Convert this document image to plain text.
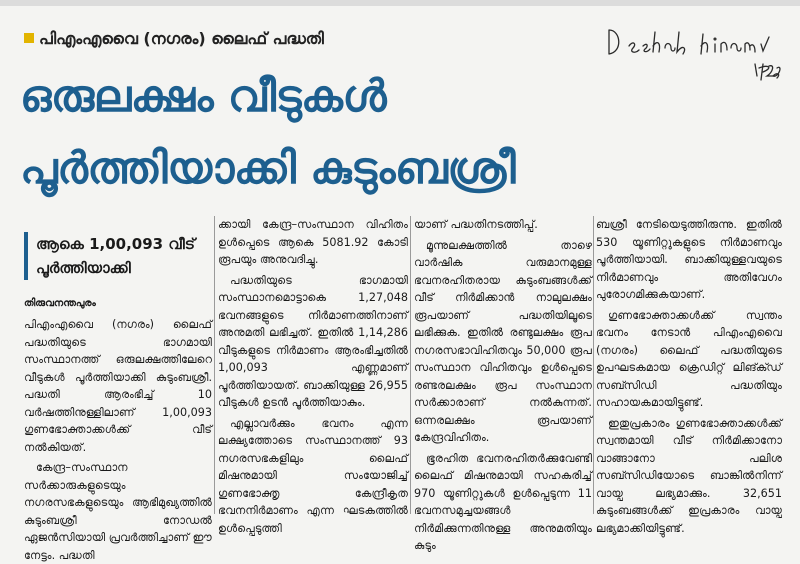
പിഎംഎവൈ (നഗരം) ലൈഫ് പദ്ധതി
ഒരുലക്ഷം വീടുകൾ
പൂർത്തിയാക്കി കുടുംബശ്രീ
ആകെ 1,00,093 വീട്
പൂർത്തിയാക്കി
തിരുവനന്തപുരം

പിഎംഎവൈ (നഗരം) ലൈഫ് പദ്ധതിയുടെ ഭാഗമായി സംസ്ഥാനത്ത് ഒരുലക്ഷത്തിലേറെ വീടുകൾ പൂർത്തിയാക്കി കുടുംബശ്രീ. പദ്ധതി ആരംഭിച്ച് 10 വർഷത്തിനുള്ളിലാണ് 1,00,093 ഗുണഭോക്താക്കൾക്ക് വീട് നൽകിയത്.

കേന്ദ്ര–സംസ്ഥാന സർക്കാരുകളുടെയും നഗരസഭകളുടെയും ആഭിമുഖ്യത്തിൽ കുടുംബശ്രീ നോഡൽ ഏജൻസിയായി പ്രവർത്തിച്ചാണ് ഈ നേട്ടം. പദ്ധതി

ക്കായി കേന്ദ്ര–സംസ്ഥാന വിഹിതം ഉൾപ്പെടെ ആകെ 5081.92 കോടി രൂപയും അനുവദിച്ചു.

പദ്ധതിയുടെ ഭാഗമായി സംസ്ഥാനമൊട്ടാകെ 1,27,048 ഭവനങ്ങളുടെ നിർമാണത്തിനാണ് അനുമതി ലഭിച്ചത്. ഇതിൽ 1,14,286 വീടുകളുടെ നിർമാണം ആരംഭിച്ചതിൽ 1,00,093 എണ്ണമാണ് പൂർത്തിയായത്. ബാക്കിയുള്ള 26,955 വീടുകൾ ഉടൻ പൂർത്തിയാകും.

എല്ലാവർക്കും ഭവനം എന്ന ലക്ഷ്യത്തോടെ സംസ്ഥാനത്ത് 93 നഗരസഭകളിലും ലൈഫ് മിഷനുമായി സംയോജിച്ച് ഗുണഭോക്തൃ കേന്ദ്രീകൃത ഭവനനിർമാണം എന്ന ഘടകത്തിൽ ഉൾപ്പെടുത്തി

യാണ് പദ്ധതിനടത്തിപ്പ്.

മൂന്നുലക്ഷത്തിൽ താഴെ വാർഷിക വരുമാനമുള്ള ഭവനരഹിതരായ കുടുംബങ്ങൾക്ക് വീട് നിർമിക്കാൻ നാലുലക്ഷം രൂപയാണ് പദ്ധതിയിലൂടെ ലഭിക്കുക. ഇതിൽ രണ്ടുലക്ഷം രൂപ നഗരസഭാവിഹിതവും 50,000 രൂപ സംസ്ഥാന വിഹിതവും ഉൾപ്പെടെ രണ്ടരലക്ഷം രൂപ സംസ്ഥാന സർക്കാരാണ് നൽകുന്നത്. ഒന്നരലക്ഷം രൂപയാണ് കേന്ദ്രവിഹിതം.

ഭൂരഹിത ഭവനരഹിതർക്കുവേണ്ടി ലൈഫ് മിഷനുമായി സഹകരിച്ച് 970 യൂണിറ്റുകൾ ഉൾപ്പെടുന്ന 11 ഭവനസമുച്ചയങ്ങൾ നിർമിക്കുന്നതിനുള്ള അനുമതിയും കുടും

ബശ്രീ നേടിയെടുത്തിരുന്നു. ഇതിൽ 530 യൂണിറ്റുകളുടെ നിർമാണവും പൂർത്തിയായി. ബാക്കിയുള്ളവയുടെ നിർമാണവും അതിവേഗം പുരോഗമിക്കുകയാണ്.

ഗുണഭോക്താക്കൾക്ക് സ്വന്തം ഭവനം നേടാൻ പിഎംഎവൈ (നഗരം) ലൈഫ് പദ്ധതിയുടെ ഉപഘടകമായ ക്രെഡിറ്റ് ലിങ്ക്ഡ് സബ്സിഡി പദ്ധതിയും സഹായകമായിട്ടുണ്ട്.

ഇതുപ്രകാരം ഗുണഭോക്താക്കൾക്ക് സ്വന്തമായി വീട് നിർമിക്കാനോ വാങ്ങാനോ പലിശ സബ്സിഡിയോടെ ബാങ്കിൽനിന്ന് വായ്പ ലഭ്യമാക്കും. 32,651 കുടുംബങ്ങൾക്ക് ഇപ്രകാരം വായ്പ ലഭ്യമാക്കിയിട്ടുണ്ട്.
